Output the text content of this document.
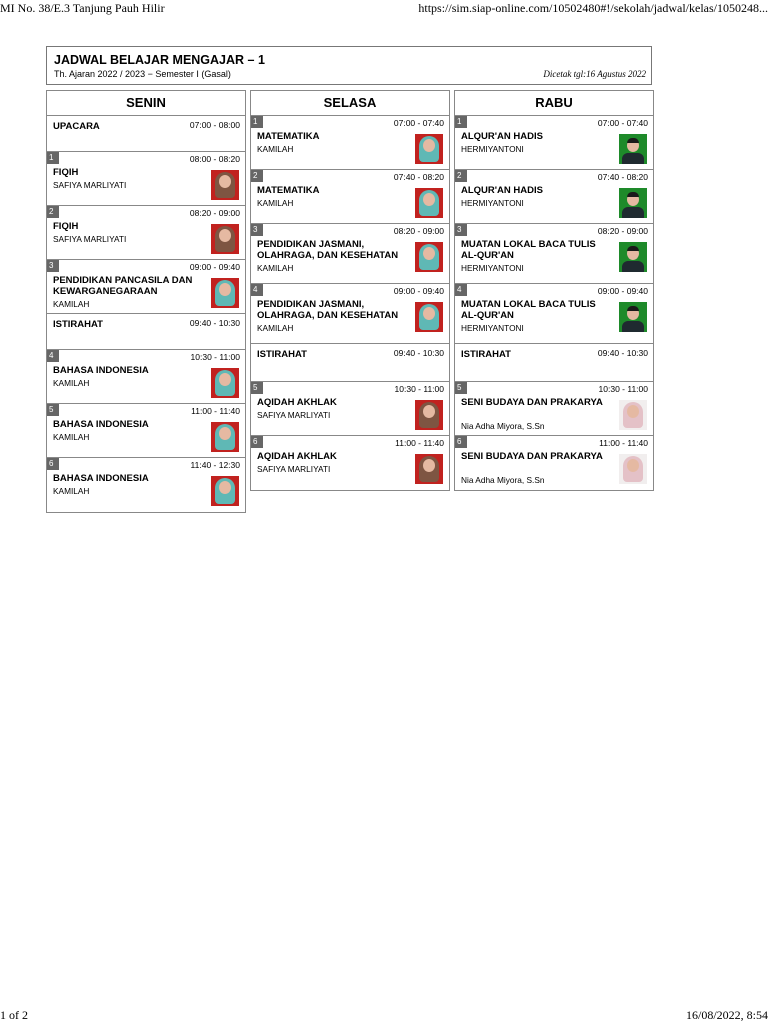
MI No. 38/E.3 Tanjung Pauh Hilir	https://sim.siap-online.com/10502480#!/sekolah/jadwal/kelas/1050248...
JADWAL BELAJAR MENGAJAR – 1
Th. Ajaran 2022 / 2023 − Semester I (Gasal)	Dicetak tgl:16 Agustus 2022
SENIN
07:00 - 08:00
UPACARA
1	08:00 - 08:20
FIQIH
SAFIYA MARLIYATI
2	08:20 - 09:00
FIQIH
SAFIYA MARLIYATI
3	09:00 - 09:40
PENDIDIKAN PANCASILA DAN KEWARGANEGARAAN
KAMILAH
09:40 - 10:30
ISTIRAHAT
4	10:30 - 11:00
BAHASA INDONESIA
KAMILAH
5	11:00 - 11:40
BAHASA INDONESIA
KAMILAH
6	11:40 - 12:30
BAHASA INDONESIA
KAMILAH
SELASA
1	07:00 - 07:40
MATEMATIKA
KAMILAH
2	07:40 - 08:20
MATEMATIKA
KAMILAH
3	08:20 - 09:00
PENDIDIKAN JASMANI, OLAHRAGA, DAN KESEHATAN
KAMILAH
4	09:00 - 09:40
PENDIDIKAN JASMANI, OLAHRAGA, DAN KESEHATAN
KAMILAH
09:40 - 10:30
ISTIRAHAT
5	10:30 - 11:00
AQIDAH AKHLAK
SAFIYA MARLIYATI
6	11:00 - 11:40
AQIDAH AKHLAK
SAFIYA MARLIYATI
RABU
1	07:00 - 07:40
ALQUR'AN HADIS
HERMIYANTONI
2	07:40 - 08:20
ALQUR'AN HADIS
HERMIYANTONI
3	08:20 - 09:00
MUATAN LOKAL BACA TULIS AL-QUR'AN
HERMIYANTONI
4	09:00 - 09:40
MUATAN LOKAL BACA TULIS AL-QUR'AN
HERMIYANTONI
09:40 - 10:30
ISTIRAHAT
5	10:30 - 11:00
SENI BUDAYA DAN PRAKARYA
Nia Adha Miyora, S.Sn
6	11:00 - 11:40
SENI BUDAYA DAN PRAKARYA
Nia Adha Miyora, S.Sn
1 of 2	16/08/2022, 8:54
